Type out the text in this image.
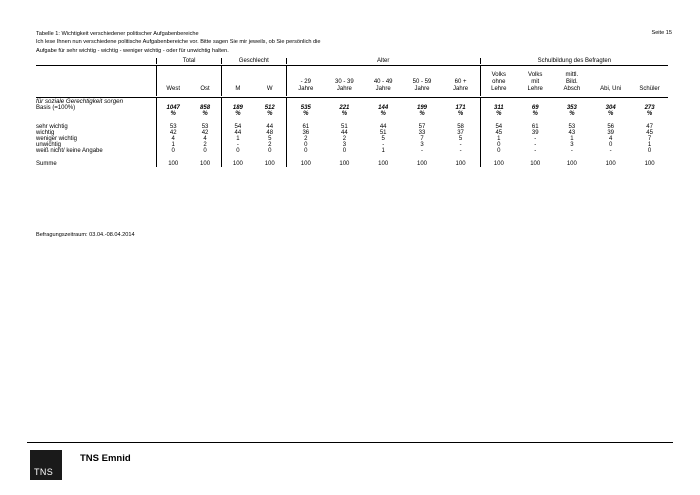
Tabelle 1: Wichtigkeit verschiedener politischer Aufgabenbereiche
Ich lese Ihnen nun verschiedene politische Aufgabenbereiche vor. Bitte sagen Sie mir jeweils, ob Sie persönlich die
Aufgabe für sehr wichtig - wichtig - weniger wichtig - oder für unwichtig halten.
Seite 15
	Total		Geschlecht		Alter					Schulbildung des Befragten				

	West	Ost	M	W	- 29
Jahre	30 - 39
Jahre	40 - 49
Jahre	50 - 59
Jahre	60 +
Jahre	Volks
ohne
Lehre	Volks
mit
Lehre	mittl.
Bild.
Absch	Abi, Uni	Schüler

für soziale Gerechtigkeit sorgen														
Basis (=100%)	1047	858	189	512	535	221	144	199	171	311	69	353	304	273
	%	%	%	%	%	%	%	%	%	%	%	%	%	%

sehr wichtig	53	53	54	44	61	51	44	57	58	54	61	53	56	47
wichtig	42	42	44	48	36	44	51	33	37	45	39	43	39	45
weniger wichtig	4	4	1	5	2	2	5	7	5	1	-	1	4	7
unwichtig	1	2	-	2	0	3	-	3	-	0	-	3	0	1
weiß nicht/ keine Angabe	0	0	0	0	0	0	1	-	-	0	-	-	-	0

Summe	100	100	100	100	100	100	100	100	100	100	100	100	100	100
Befragungszeitraum: 03.04.-08.04.2014
TNS
TNS Emnid
